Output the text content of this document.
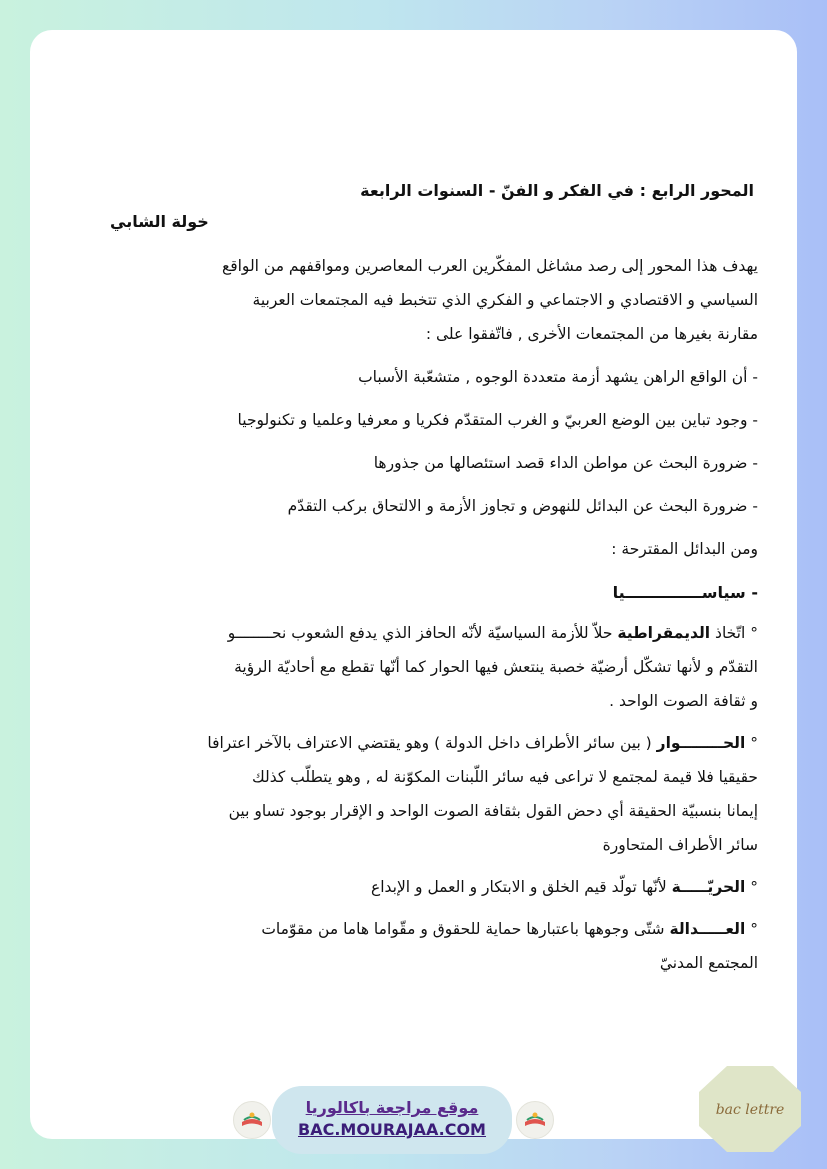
المحور الرابع : في الفكر و الفنّ - السنوات الرابعة

خولة الشابي

يهدف هذا المحور إلى رصد مشاغل المفكّرين العرب المعاصرين ومواقفهم من الواقع
السياسي و الاقتصادي و الاجتماعي و الفكري الذي تتخبط فيه المجتمعات العربية
مقارنة بغيرها من المجتمعات الأخرى , فاتّفقوا على :

- أن الواقع الراهن يشهد أزمة متعددة الوجوه , متشعّبة الأسباب

- وجود تباين بين الوضع العربيّ و الغرب المتقدّم فكريا و معرفيا وعلميا و تكنولوجيا

- ضرورة البحث عن مواطن الداء قصد استئصالها من جذورها

- ضرورة البحث عن البدائل للنهوض و تجاوز الأزمة و الالتحاق بركب التقدّم

ومن البدائل المقترحة :

- سياســــــــــــــيا

° اتّخاذ الديمقراطية حلاّ للأزمة السياسيّة لأنّه الحافز الذي يدفع الشعوب نحــــــــو
التقدّم و لأنها تشكّل أرضيّة خصبة ينتعش فيها الحوار كما أنّها تقطع مع أحاديّة الرؤية
و ثقافة الصوت الواحد .

° الحــــــــوار ( بين سائر الأطراف داخل الدولة ) وهو يقتضي الاعتراف بالآخر اعترافا
حقيقيا فلا قيمة لمجتمع لا تراعى فيه سائر اللّبنات المكوّنة له , وهو يتطلّب كذلك
إيمانا بنسبيّة الحقيقة أي دحض القول بثقافة الصوت الواحد و الإقرار بوجود تساو بين
سائر الأطراف المتحاورة

° الحريّـــــة لأنّها تولّد قيم الخلق و الابتكار و العمل و الإبداع

° العـــــدالة شتّى وجوهها باعتبارها حماية للحقوق و مقّواما هاما من مقوّمات
المجتمع المدنيّ

موقع مراجعة باكالوريا
BAC.MOURAJAA.COM
bac lettre
